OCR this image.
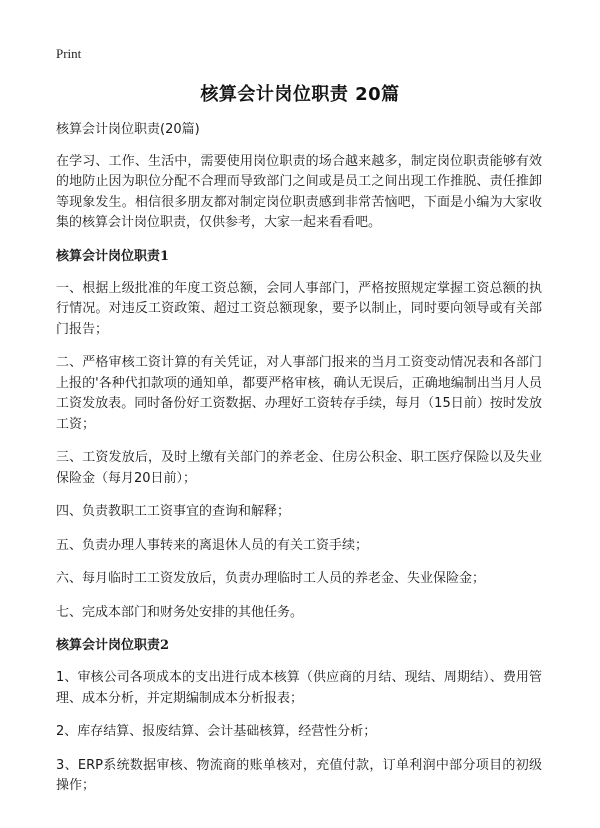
Print
核算会计岗位职责 20篇

核算会计岗位职责(20篇)

在学习、工作、生活中，需要使用岗位职责的场合越来越多，制定岗位职责能够有效的地防止因为职位分配不合理而导致部门之间或是员工之间出现工作推脱、责任推卸等现象发生。相信很多朋友都对制定岗位职责感到非常苦恼吧，下面是小编为大家收集的核算会计岗位职责，仅供参考，大家一起来看看吧。

核算会计岗位职责1

一、根据上级批准的年度工资总额，会同人事部门，严格按照规定掌握工资总额的执行情况。对违反工资政策、超过工资总额现象，要予以制止，同时要向领导或有关部门报告；

二、严格审核工资计算的有关凭证，对人事部门报来的当月工资变动情况表和各部门上报的'各种代扣款项的通知单，都要严格审核，确认无误后，正确地编制出当月人员工资发放表。同时备份好工资数据、办理好工资转存手续，每月（15日前）按时发放工资；

三、工资发放后，及时上缴有关部门的养老金、住房公积金、职工医疗保险以及失业保险金（每月20日前）；

四、负责教职工工资事宜的查询和解释；

五、负责办理人事转来的离退休人员的有关工资手续；

六、每月临时工工资发放后，负责办理临时工人员的养老金、失业保险金；

七、完成本部门和财务处安排的其他任务。

核算会计岗位职责2

1、审核公司各项成本的支出进行成本核算（供应商的月结、现结、周期结）、费用管理、成本分析，并定期编制成本分析报表；

2、库存结算、报废结算、会计基础核算，经营性分析；

3、ERP系统数据审核、物流商的账单核对，充值付款，订单利润中部分项目的初级操作；
